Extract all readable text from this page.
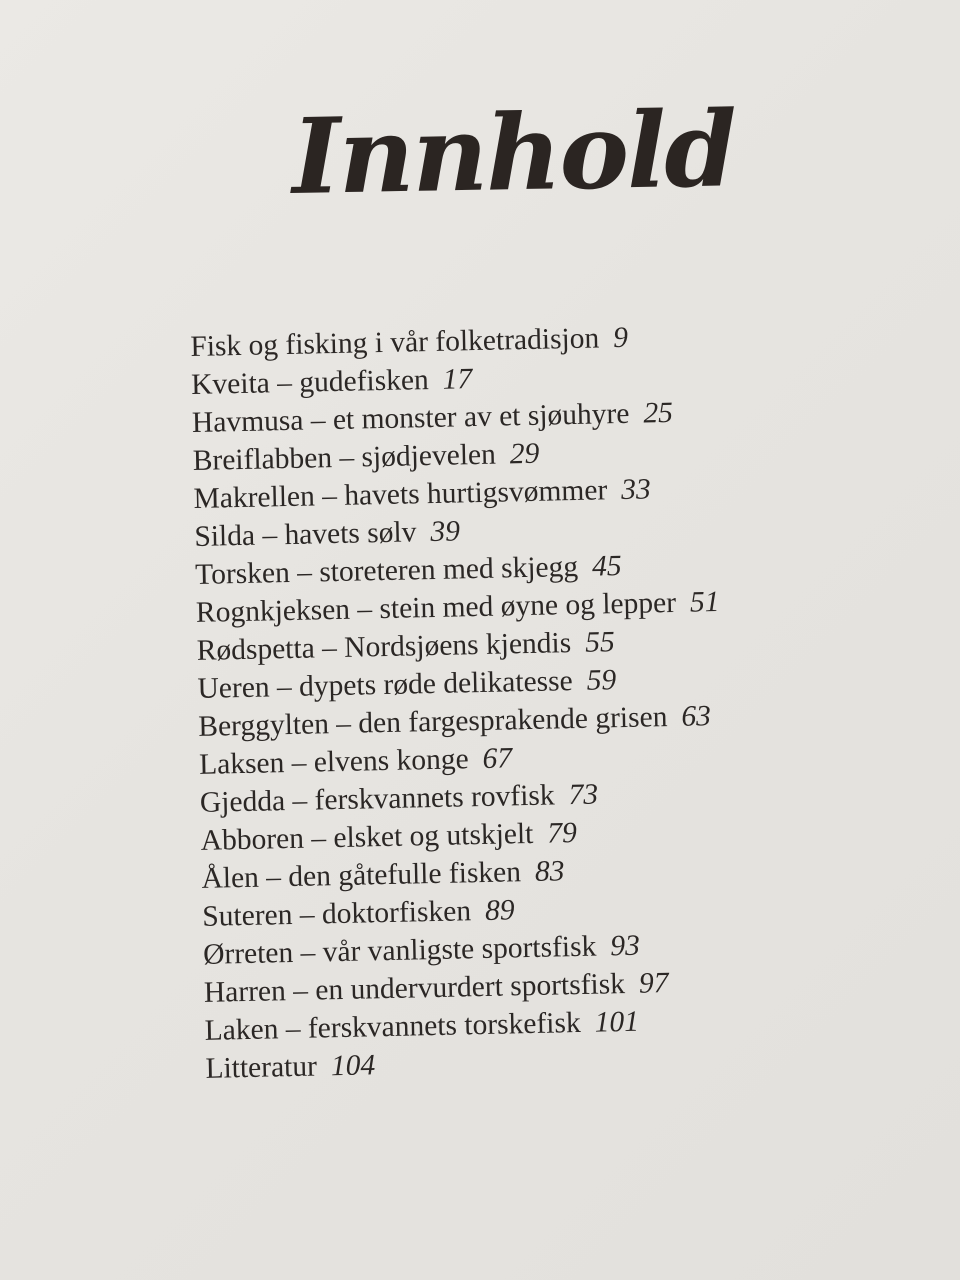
Innhold
Fisk og fisking i vår folketradisjon 9
Kveita – gudefisken 17
Havmusa – et monster av et sjøuhyre 25
Breiflabben – sjødjevelen 29
Makrellen – havets hurtigsvømmer 33
Silda – havets sølv 39
Torsken – storeteren med skjegg 45
Rognkjeksen – stein med øyne og lepper 51
Rødspetta – Nordsjøens kjendis 55
Ueren – dypets røde delikatesse 59
Berggylten – den fargesprakende grisen 63
Laksen – elvens konge 67
Gjedda – ferskvannets rovfisk 73
Abboren – elsket og utskjelt 79
Ålen – den gåtefulle fisken 83
Suteren – doktorfisken 89
Ørreten – vår vanligste sportsfisk 93
Harren – en undervurdert sportsfisk 97
Laken – ferskvannets torskefisk 101
Litteratur 104
